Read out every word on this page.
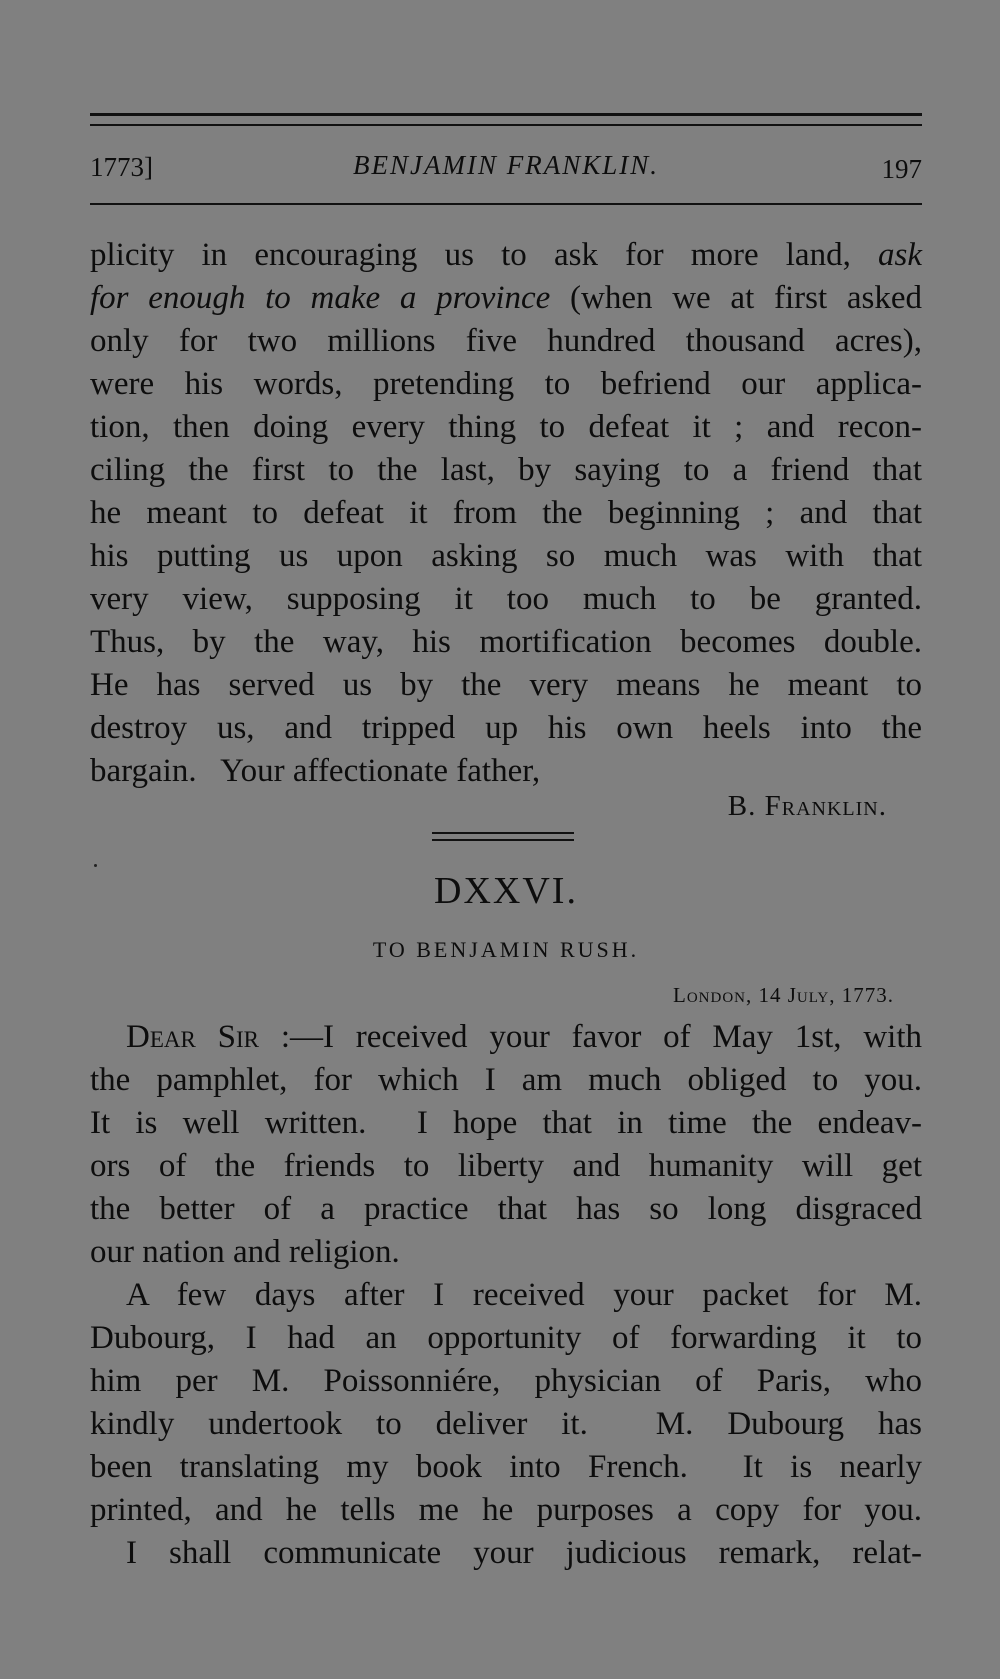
1773]	BENJAMIN FRANKLIN.	197
plicity in encouraging us to ask for more land, ask
for enough to make a province (when we at first asked
only for two millions five hundred thousand acres),
were his words, pretending to befriend our applica-
tion, then doing every thing to defeat it ; and recon-
ciling the first to the last, by saying to a friend that
he meant to defeat it from the beginning ; and that
his putting us upon asking so much was with that
very view, supposing it too much to be granted.
Thus, by the way, his mortification becomes double.
He has served us by the very means he meant to
destroy us, and tripped up his own heels into the
bargain.   Your affectionate father,
B. Franklin.
DXXVI.
TO BENJAMIN RUSH.
London, 14 July, 1773.
Dear Sir :—I received your favor of May 1st, with
the pamphlet, for which I am much obliged to you.
It is well written.  I hope that in time the endeav-
ors of the friends to liberty and humanity will get
the better of a practice that has so long disgraced
our nation and religion.
A few days after I received your packet for M.
Dubourg, I had an opportunity of forwarding it to
him per M. Poissonniére, physician of Paris, who
kindly undertook to deliver it.  M. Dubourg has
been translating my book into French.  It is nearly
printed, and he tells me he purposes a copy for you.
I shall communicate your judicious remark, relat-
